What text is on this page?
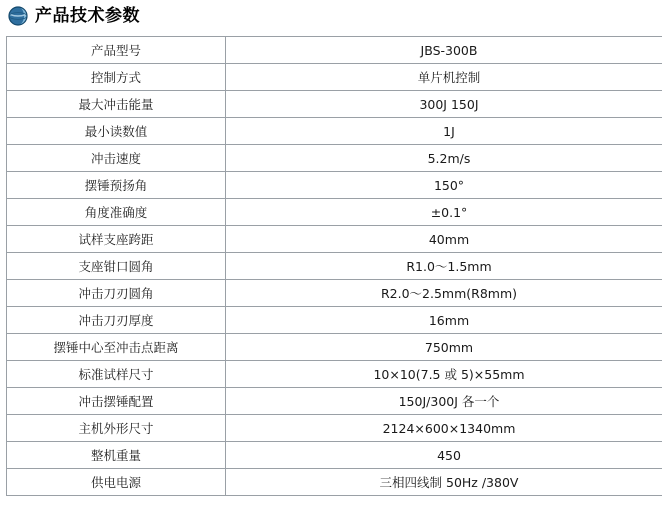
产品技术参数
产品型号	JBS-300B
控制方式	单片机控制
最大冲击能量	300J 150J
最小读数值	1J
冲击速度	5.2m/s
摆锤预扬角	150°
角度准确度	±0.1°
试样支座跨距	40mm
支座钳口圆角	R1.0～1.5mm
冲击刀刃圆角	R2.0～2.5mm(R8mm)
冲击刀刃厚度	16mm
摆锤中心至冲击点距离	750mm
标准试样尺寸	10×10(7.5 或 5)×55mm
冲击摆锤配置	150J/300J 各一个
主机外形尺寸	2124×600×1340mm
整机重量	450
供电电源	三相四线制 50Hz /380V
